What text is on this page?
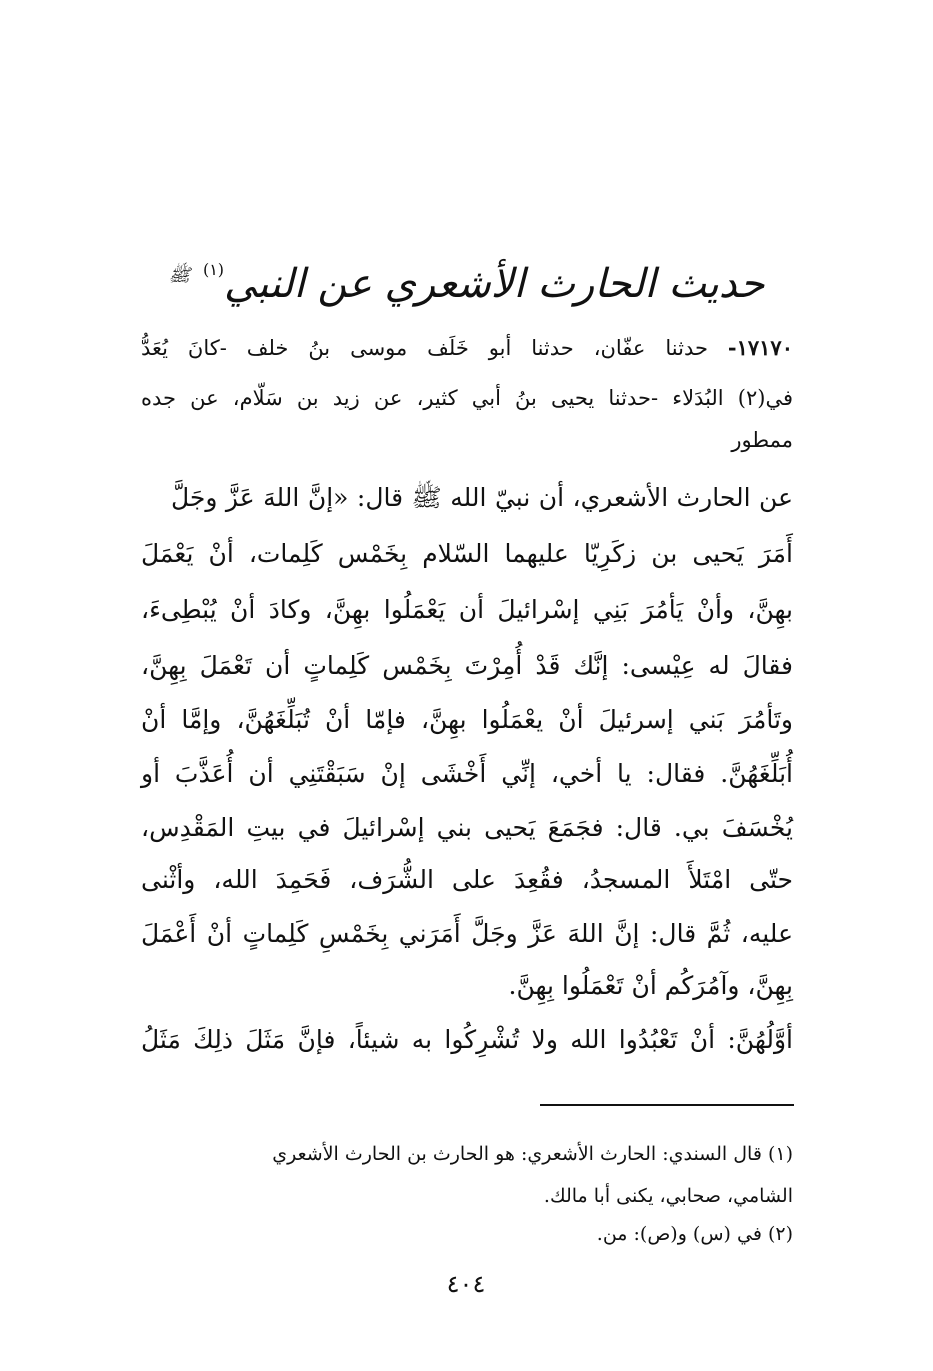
حديث الحارث الأشعري عن النبي$^{(١)}$ $^ﷺ$
١٧١٧٠- حدثنا عفّان، حدثنا أبو خَلَف موسى بنُ خلف -كانَ يُعَدُّ
في(٢) البُدَلاء -حدثنا يحيى بنُ أبي كثير، عن زيد بن سَلّام، عن جده
ممطور
عن الحارث الأشعري، أن نبيّ الله ﷺ قال: «إنَّ اللهَ عَزَّ وجَلَّ
أَمَرَ يَحيى بن زكَرِيّا عليهما السّلام بِخَمْس كَلِمات، أنْ يَعْمَلَ
بهِنَّ، وأنْ يَأمُرَ بَنِي إسْرائيلَ أن يَعْمَلُوا بهِنَّ، وكادَ أنْ يُبْطِىءَ،
فقالَ له عِيْسى: إنَّك قَدْ أُمِرْتَ بِخَمْس كَلِماتٍ أن تَعْمَلَ بِهِنَّ،
وتَأمُرَ بَني إسرئيلَ أنْ يعْمَلُوا بهِنَّ، فإمّا أنْ تُبَلِّغَهُنَّ، وإمَّا أنْ
أُبَلِّغَهُنَّ. فقال: يا أخي، إنِّي أَخْشَى إنْ سَبَقْتَنِي أن أُعَذَّبَ أو
يُخْسَفَ بي. قال: فجَمَعَ يَحيى بني إسْرائيلَ في بيتِ المَقْدِس،
حتّى امْتَلأَ المسجدُ، فقُعِدَ على الشُّرَف، فَحَمِدَ الله، وأثْنى
عليه، ثُمَّ قال: إنَّ اللهَ عَزَّ وجَلَّ أَمَرَني بِخَمْسِ كَلِماتٍ أنْ أَعْمَلَ
بِهِنَّ، وآمُرَكُم أنْ تَعْمَلُوا بِهِنَّ.
أوَّلُهُنَّ: أنْ تَعْبُدُوا الله ولا تُشْرِكُوا به شيئاً، فإنَّ مَثَلَ ذلِكَ مَثَلُ
(١) قال السندي: الحارث الأشعري: هو الحارث بن الحارث الأشعري
الشامي، صحابي، يكنى أبا مالك.
(٢) في (س) و(ص): من.
٤٠٤
